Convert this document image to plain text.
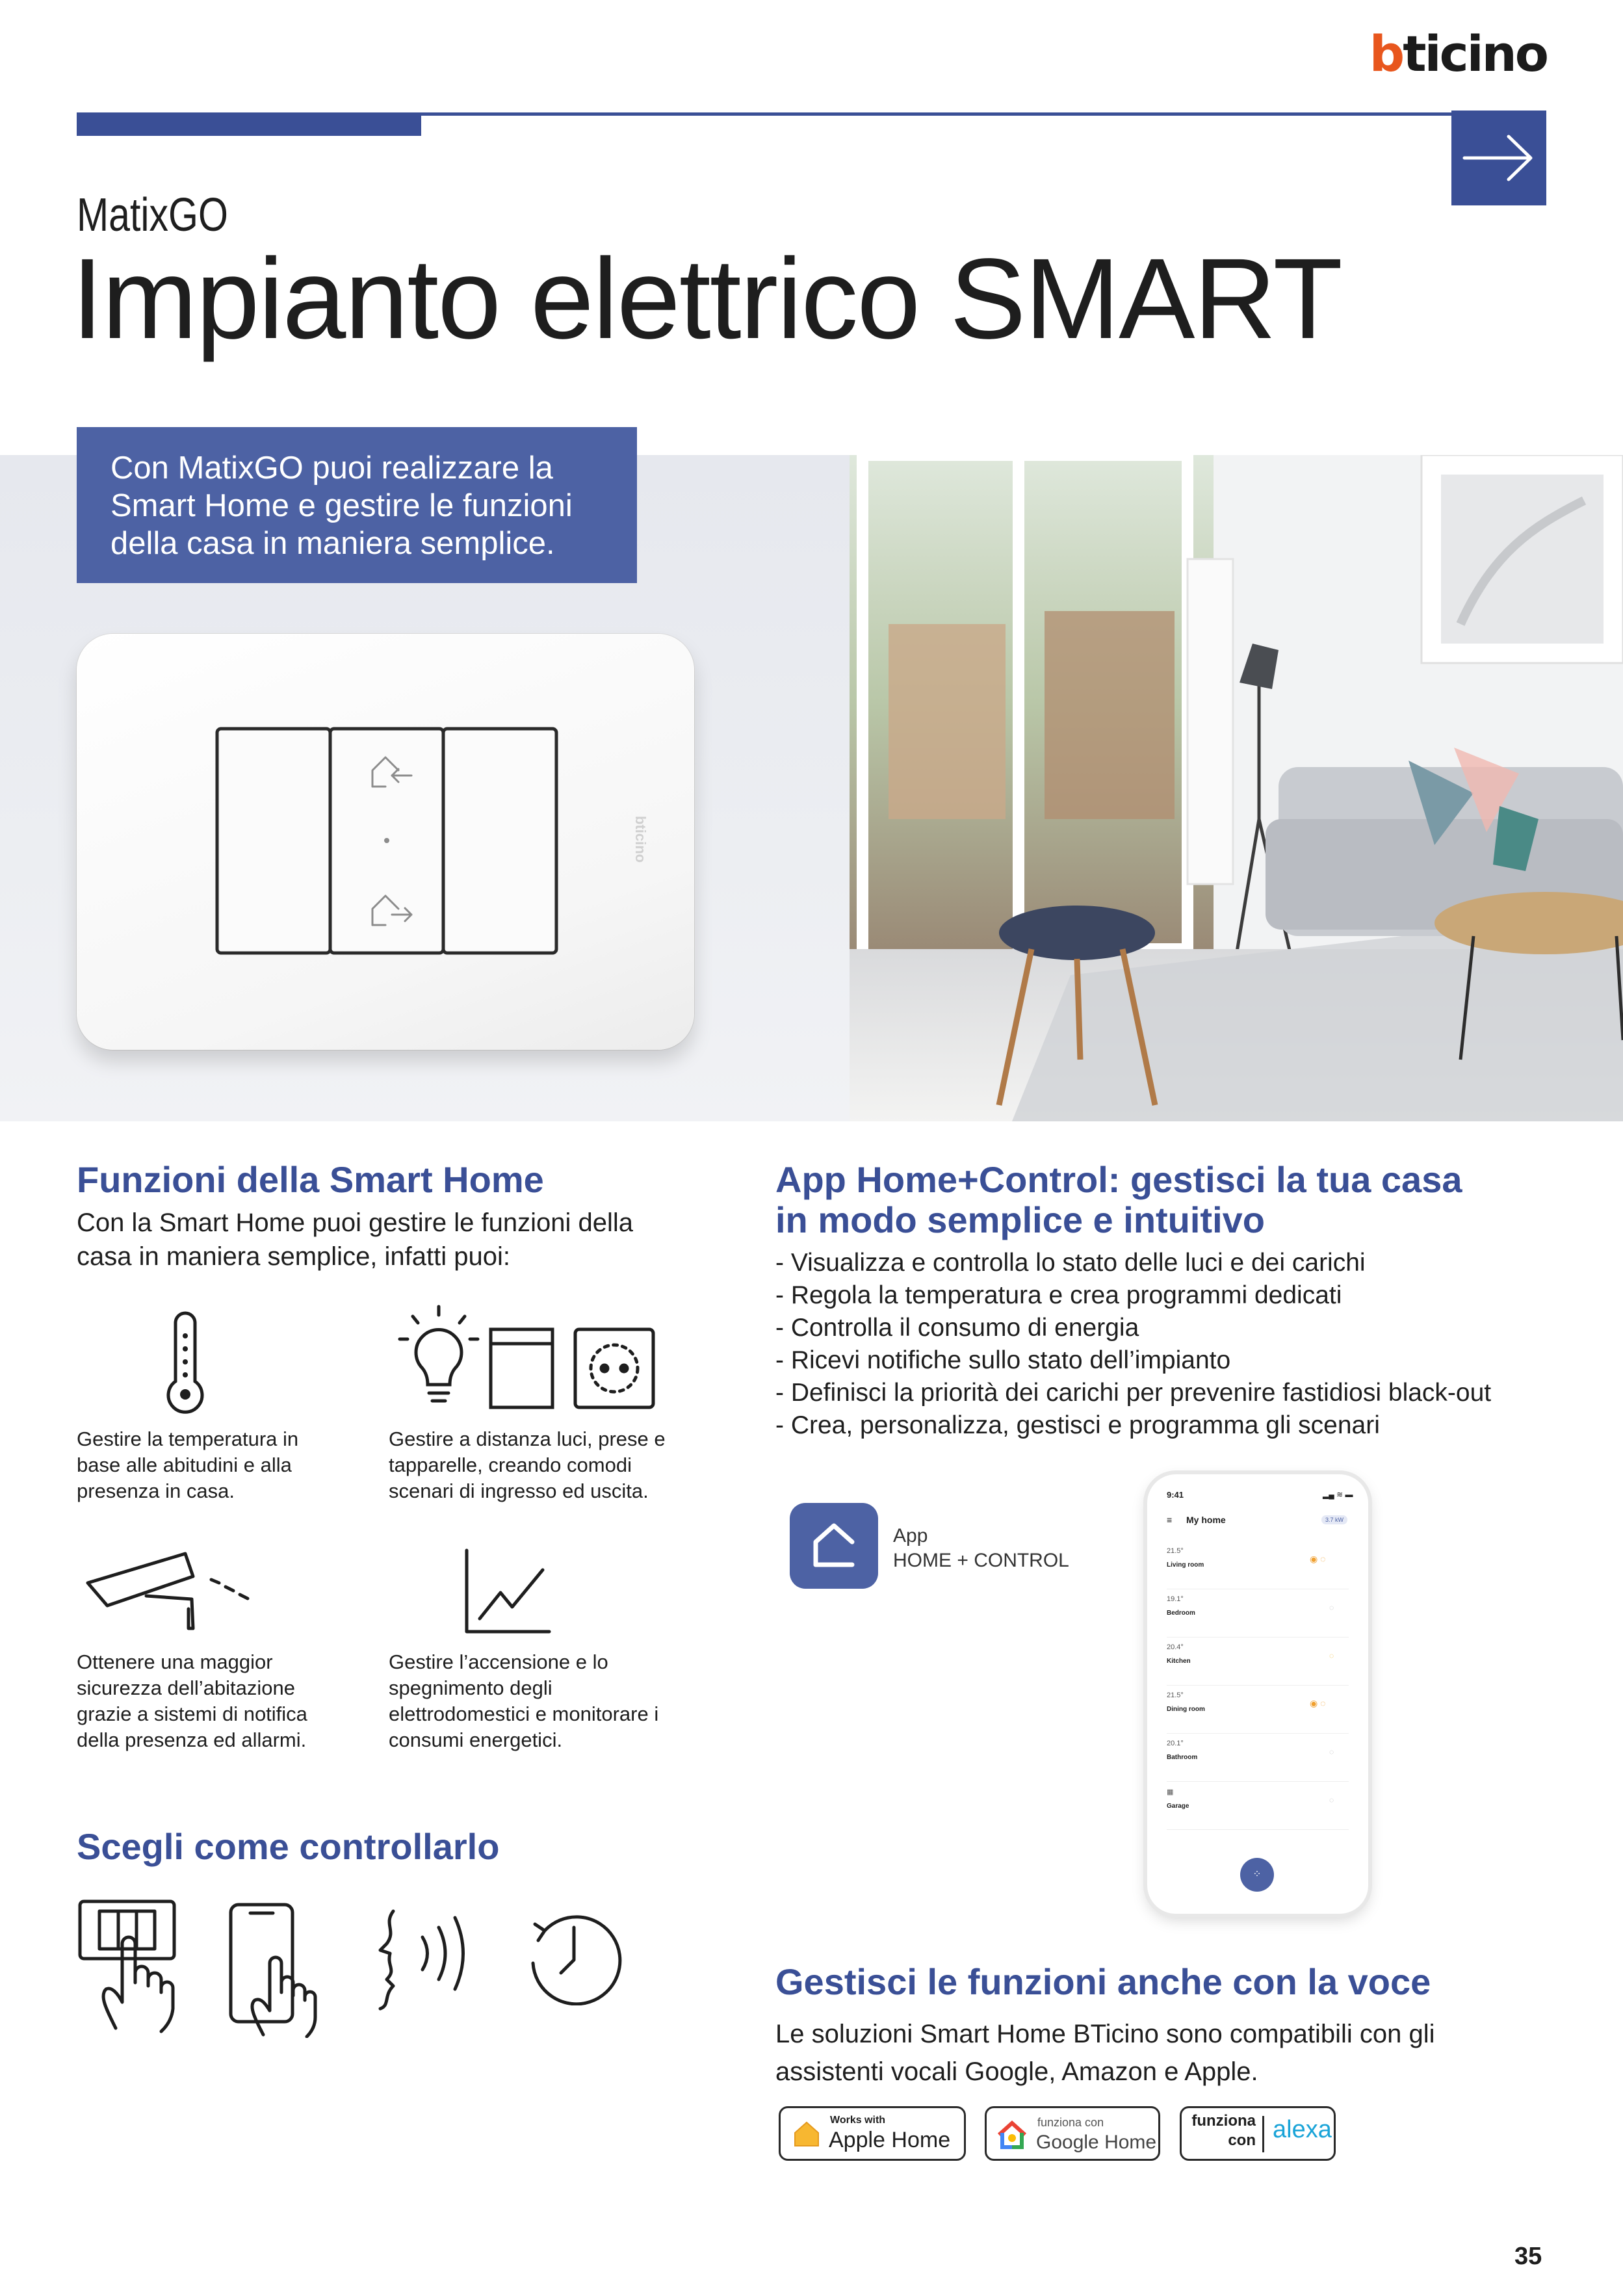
bticino
MatixGO
Impianto elettrico SMART
Con MatixGO puoi realizzare la Smart Home e gestire le funzioni della casa in maniera semplice.
bticino
Funzioni della Smart Home
Con la Smart Home puoi gestire le funzioni della casa in maniera semplice, infatti puoi:
Gestire la temperatura in base alle abitudini e alla presenza in casa.
Gestire a distanza luci, prese e tapparelle, creando comodi scenari di ingresso ed uscita.
Ottenere una maggior sicurezza dell’abitazione grazie a sistemi di notifica della presenza ed allarmi.
Gestire l’accensione e lo spegnimento degli elettrodomestici e monitorare i consumi energetici.
Scegli come controllarlo
App Home+Control: gestisci la tua casa
in modo semplice e intuitivo
- Visualizza e controlla lo stato delle luci e dei carichi
- Regola la temperatura e crea programmi dedicati
- Controlla il consumo di energia
- Ricevi notifiche sullo stato dell’impianto
- Definisci la priorità dei carichi per prevenire fastidiosi black-out
- Crea, personalizza, gestisci e programma gli scenari
App
HOME + CONTROL
9:41	▂▄ ≋ ▬
≡ My home	3.7 kW
21.5°
Living room
◉ ◌
19.1°
Bedroom
◌
20.4°
Kitchen
◌
21.5°
Dining room
◉ ◌
20.1°
Bathroom
◌
▦
Garage
◌
⁘
Gestisci le funzioni anche con la voce
Le soluzioni Smart Home BTicino sono compatibili con gli assistenti vocali Google, Amazon e Apple.
Works with
Apple Home
funziona con
Google Home
funziona
con alexa
35
